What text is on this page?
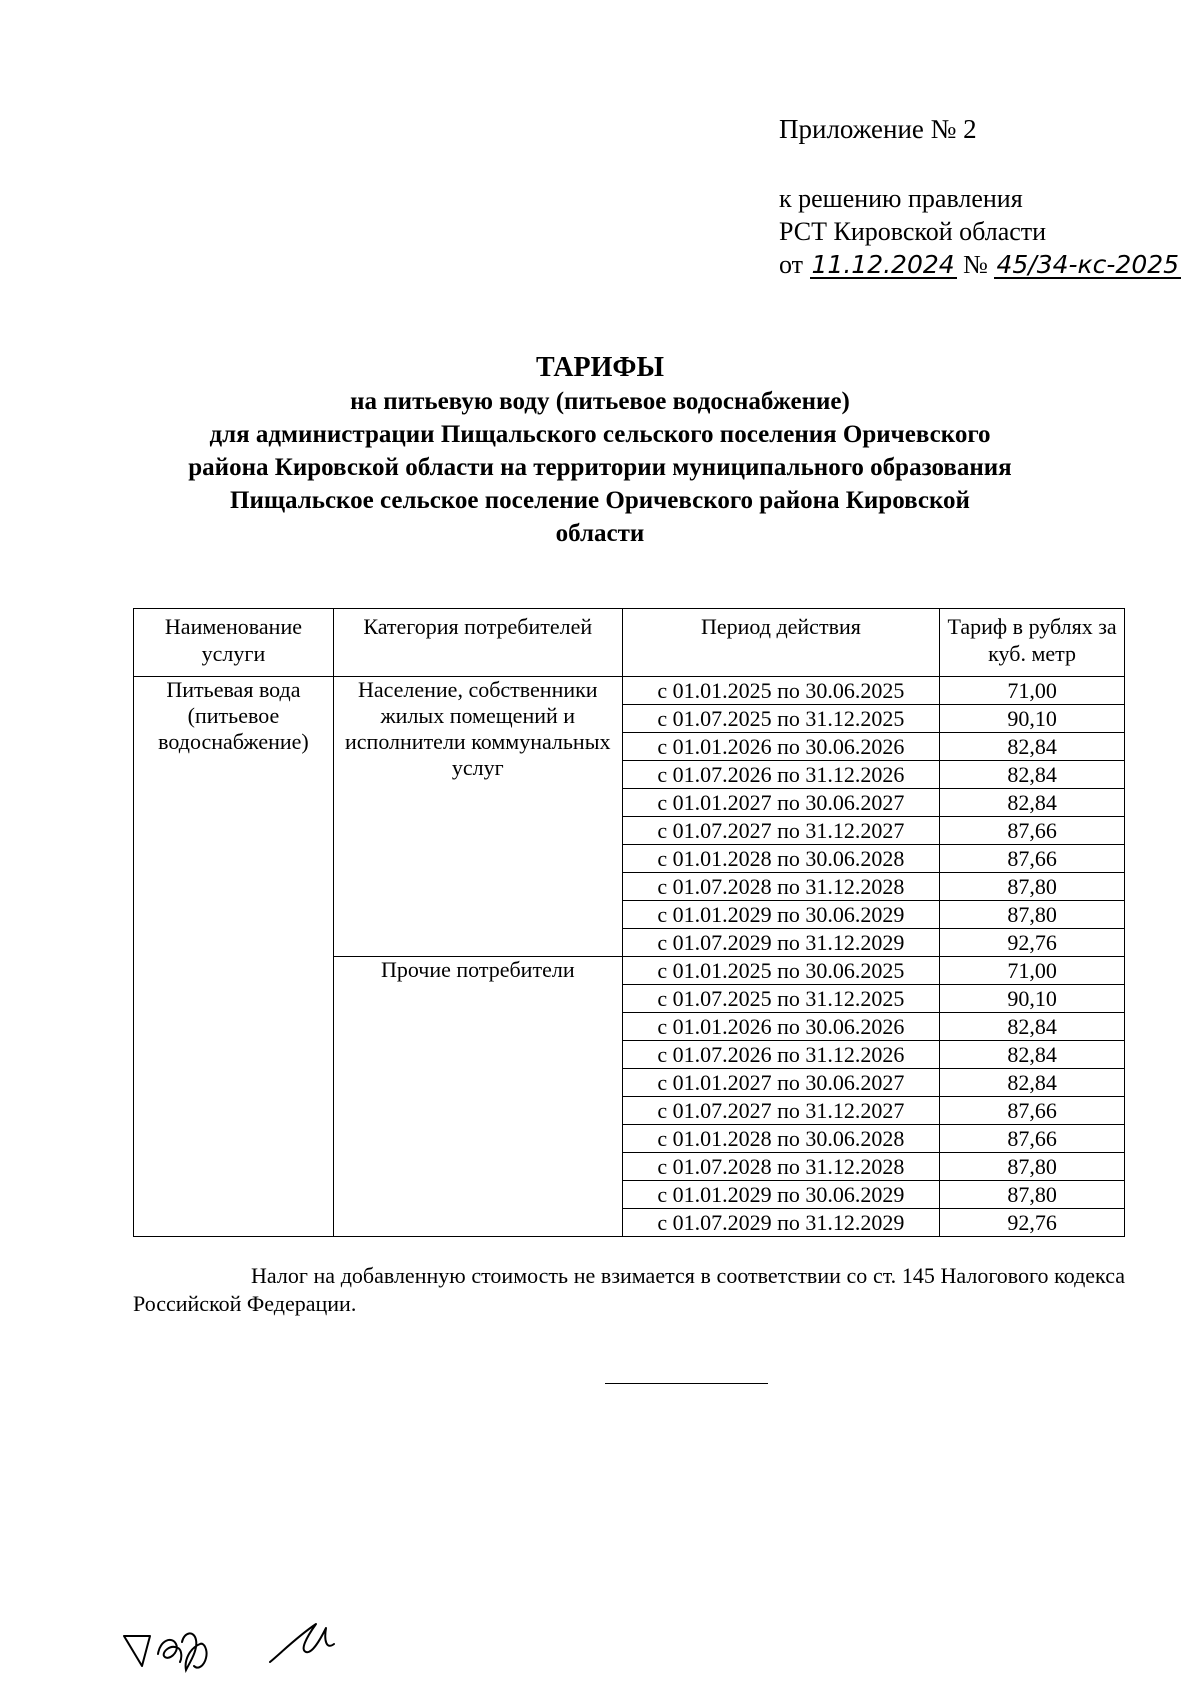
Приложение № 2
к решению правления
РСТ Кировской области
от 11.12.2024 № 45/34-кс-2025
ТАРИФЫ
на питьевую воду (питьевое водоснабжение)
для администрации Пищальского сельского поселения Оричевского
района Кировской области на территории муниципального образования
Пищальское сельское поселение Оричевского района Кировской
области
Наименование услуги	Категория потребителей	Период действия	Тариф в рублях за куб. метр
Питьевая вода (питьевое водоснабжение)	Население, собственники жилых помещений и исполнители коммунальных услуг	с 01.01.2025 по 30.06.2025	71,00
		с 01.07.2025 по 31.12.2025	90,10
		с 01.01.2026 по 30.06.2026	82,84
		с 01.07.2026 по 31.12.2026	82,84
		с 01.01.2027 по 30.06.2027	82,84
		с 01.07.2027 по 31.12.2027	87,66
		с 01.01.2028 по 30.06.2028	87,66
		с 01.07.2028 по 31.12.2028	87,80
		с 01.01.2029 по 30.06.2029	87,80
		с 01.07.2029 по 31.12.2029	92,76
	Прочие потребители	с 01.01.2025 по 30.06.2025	71,00
		с 01.07.2025 по 31.12.2025	90,10
		с 01.01.2026 по 30.06.2026	82,84
		с 01.07.2026 по 31.12.2026	82,84
		с 01.01.2027 по 30.06.2027	82,84
		с 01.07.2027 по 31.12.2027	87,66
		с 01.01.2028 по 30.06.2028	87,66
		с 01.07.2028 по 31.12.2028	87,80
		с 01.01.2029 по 30.06.2029	87,80
		с 01.07.2029 по 31.12.2029	92,76
Налог на добавленную стоимость не взимается в соответствии со ст. 145 Налогового кодекса Российской Федерации.
